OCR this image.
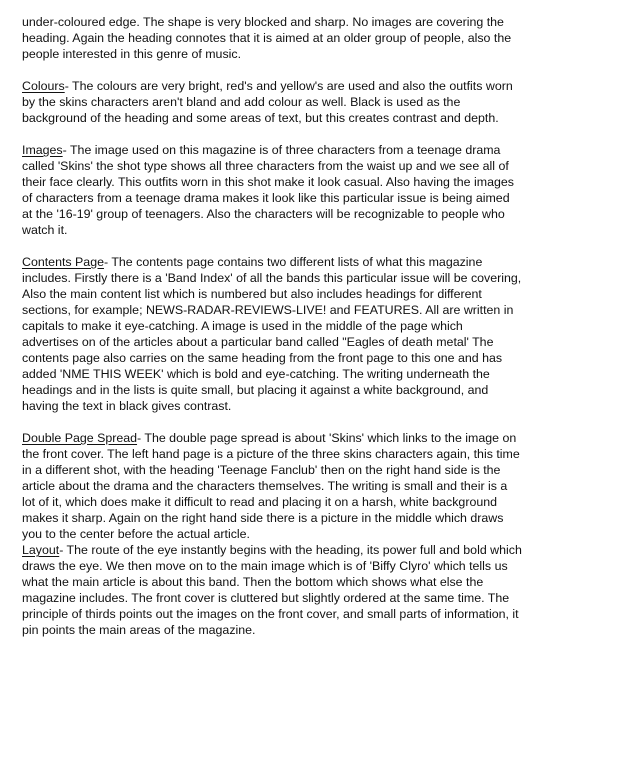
under-coloured edge. The shape is very blocked and sharp. No images are covering the heading. Again the heading connotes that it is aimed at an older group of people, also the people interested in this genre of music.

Colours- The colours are very bright, red's and yellow's are used and also the outfits worn by the skins characters aren't bland and add colour as well. Black is used as the background of the heading and some areas of text, but this creates contrast and depth.

Images- The image used on this magazine is of three characters from a teenage drama called 'Skins' the shot type shows all three characters from the waist up and we see all of their face clearly. This outfits worn in this shot make it look casual. Also having the images of characters from a teenage drama makes it look like this particular issue is being aimed at the '16-19' group of teenagers. Also the characters will be recognizable to people who watch it.

Contents Page- The contents page contains two different lists of what this magazine includes. Firstly there is a 'Band Index' of all the bands this particular issue will be covering, Also the main content list which is numbered but also includes headings for different sections, for example; NEWS-RADAR-REVIEWS-LIVE! and FEATURES. All are written in capitals to make it eye-catching. A image is used in the middle of the page which advertises on of the articles about a particular band called "Eagles of death metal' The contents page also carries on the same heading from the front page to this one and has added 'NME THIS WEEK' which is bold and eye-catching. The writing underneath the headings and in the lists is quite small, but placing it against a white background, and having the text in black gives contrast.

Double Page Spread- The double page spread is about 'Skins' which links to the image on the front cover. The left hand page is a picture of the three skins characters again, this time in a different shot, with the heading 'Teenage Fanclub' then on the right hand side is the article about the drama and the characters themselves. The writing is small and their is a lot of it, which does make it difficult to read and placing it on a harsh, white background makes it sharp. Again on the right hand side there is a picture in the middle which draws you to the center before the actual article.

Layout- The route of the eye instantly begins with the heading, its power full and bold which draws the eye. We then move on to the main image which is of 'Biffy Clyro' which tells us what the main article is about this band. Then the bottom which shows what else the magazine includes. The front cover is cluttered but slightly ordered at the same time. The principle of thirds points out the images on the front cover, and small parts of information, it pin points the main areas of the magazine.
